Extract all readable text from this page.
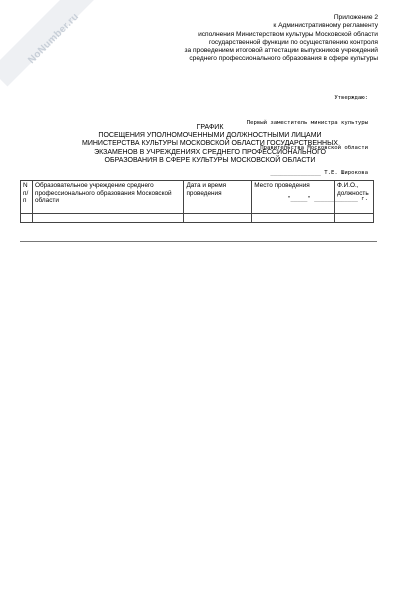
NoNumber.ru	Приложение 2
к Административному регламенту
исполнения Министерством культуры Московской области
государственной функции по осуществлению контроля
за проведением итоговой аттестации выпускников учреждений
среднего профессионального образования в сфере культуры

Утверждаю:

Первый заместитель министра культуры

Правительства Московской области

_______________ Т.Е. Широкова

"_____" _____________ г.

ГРАФИК
ПОСЕЩЕНИЯ УПОЛНОМОЧЕННЫМИ ДОЛЖНОСТНЫМИ ЛИЦАМИ
МИНИСТЕРСТВА КУЛЬТУРЫ МОСКОВСКОЙ ОБЛАСТИ ГОСУДАРСТВЕННЫХ
ЭКЗАМЕНОВ В УЧРЕЖДЕНИЯХ СРЕДНЕГО ПРОФЕССИОНАЛЬНОГО
ОБРАЗОВАНИЯ В СФЕРЕ КУЛЬТУРЫ МОСКОВСКОЙ ОБЛАСТИ
N п/п	Образовательное учреждение среднего профессионального образования Московской области	Дата и время проведения	Место проведения	Ф.И.О., должность
